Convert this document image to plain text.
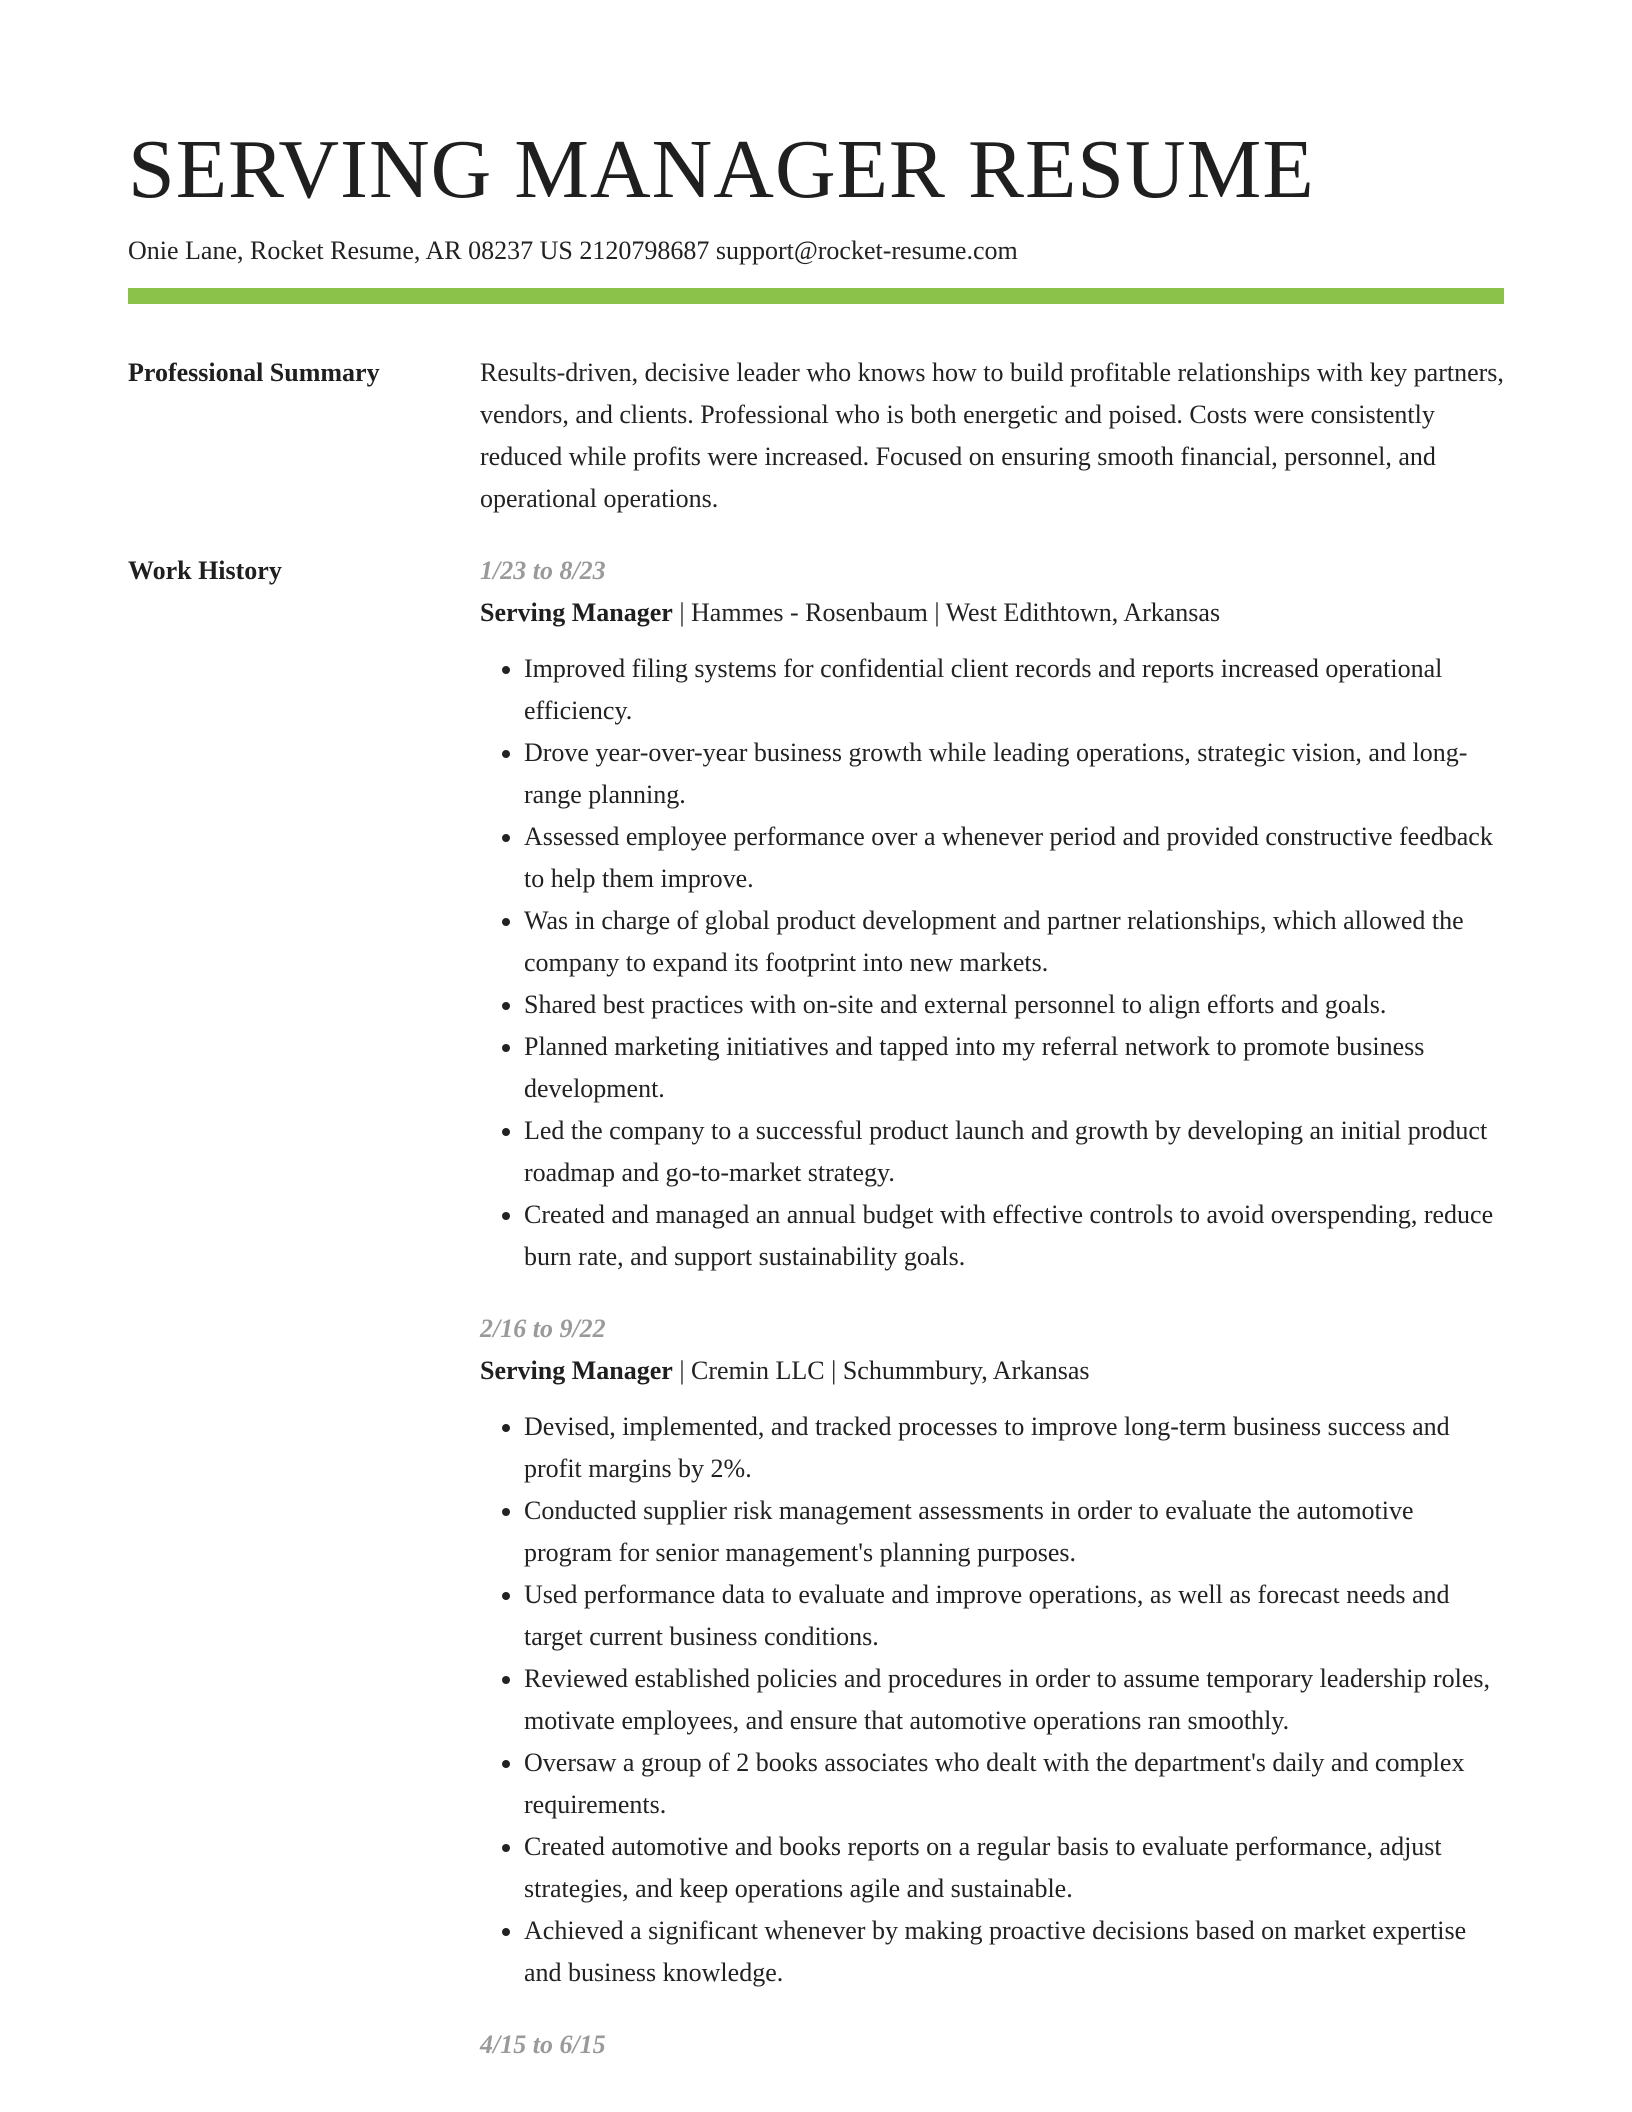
SERVING MANAGER RESUME
Onie Lane, Rocket Resume, AR 08237 US 2120798687 support@rocket-resume.com
Professional Summary	Results-driven, decisive leader who knows how to build profitable relationships with key partners, vendors, and clients. Professional who is both energetic and poised. Costs were consistently reduced while profits were increased. Focused on ensuring smooth financial, personnel, and operational operations.
Work History	1/23 to 8/23
Serving Manager | Hammes - Rosenbaum | West Edithtown, Arkansas
• Improved filing systems for confidential client records and reports increased operational efficiency.
• Drove year-over-year business growth while leading operations, strategic vision, and long-range planning.
• Assessed employee performance over a whenever period and provided constructive feedback to help them improve.
• Was in charge of global product development and partner relationships, which allowed the company to expand its footprint into new markets.
• Shared best practices with on-site and external personnel to align efforts and goals.
• Planned marketing initiatives and tapped into my referral network to promote business development.
• Led the company to a successful product launch and growth by developing an initial product roadmap and go-to-market strategy.
• Created and managed an annual budget with effective controls to avoid overspending, reduce burn rate, and support sustainability goals.
2/16 to 9/22
Serving Manager | Cremin LLC | Schummbury, Arkansas
• Devised, implemented, and tracked processes to improve long-term business success and profit margins by 2%.
• Conducted supplier risk management assessments in order to evaluate the automotive program for senior management's planning purposes.
• Used performance data to evaluate and improve operations, as well as forecast needs and target current business conditions.
• Reviewed established policies and procedures in order to assume temporary leadership roles, motivate employees, and ensure that automotive operations ran smoothly.
• Oversaw a group of 2 books associates who dealt with the department's daily and complex requirements.
• Created automotive and books reports on a regular basis to evaluate performance, adjust strategies, and keep operations agile and sustainable.
• Achieved a significant whenever by making proactive decisions based on market expertise and business knowledge.
4/15 to 6/15
